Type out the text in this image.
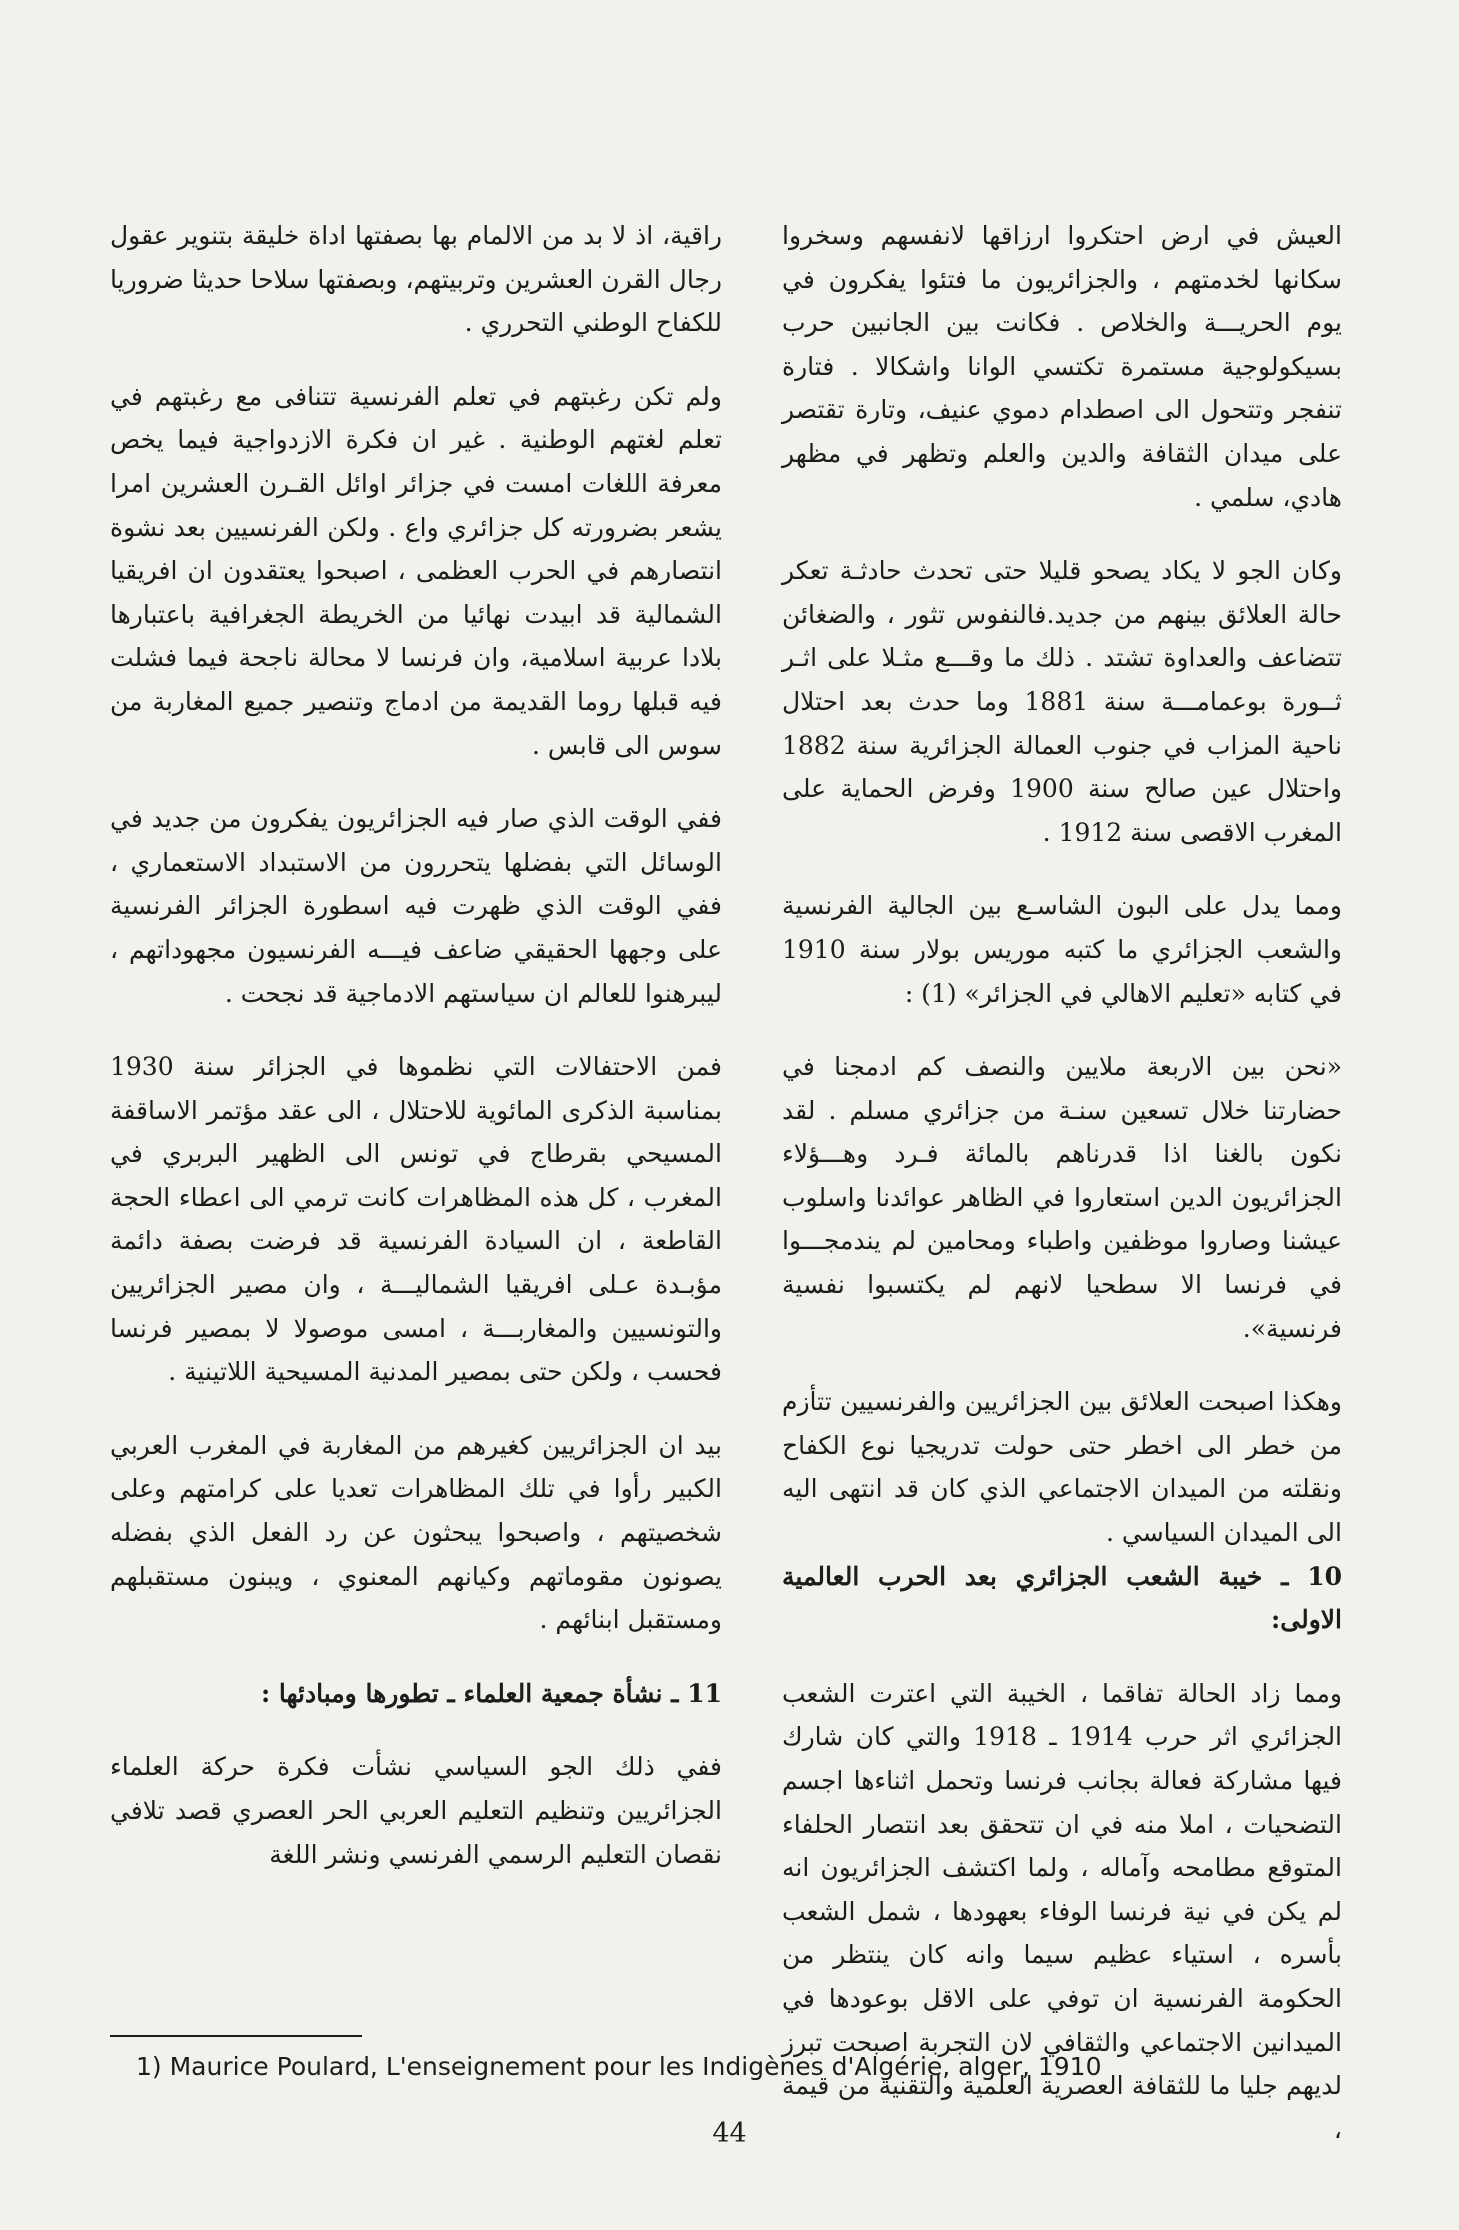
العيش في ارض احتكروا ارزاقها لانفسهم وسخروا سكانها لخدمتهم ، والجزائريون ما فتئوا يفكرون في يوم الحريـــة والخلاص . فكانت بين الجانبين حرب بسيكولوجية مستمرة تكتسي الوانا واشكالا . فتارة تنفجر وتتحول الى اصطدام دموي عنيف، وتارة تقتصر على ميدان الثقافة والدين والعلم وتظهر في مظهر هادي، سلمي .

وكان الجو لا يكاد يصحو قليلا حتى تحدث حادثـة تعكر حالة العلائق بينهم من جديد.فالنفوس تثور ، والضغائن تتضاعف والعداوة تشتد . ذلك ما وقـــع مثـلا على اثـر ثــورة بوعمامـــة سنة 1881 وما حدث بعد احتلال ناحية المزاب في جنوب العمالة الجزائرية سنة 1882 واحتلال عين صالح سنة 1900 وفرض الحماية على المغرب الاقصى سنة 1912 .

ومما يدل على البون الشاسـع بين الجالية الفرنسية والشعب الجزائري ما كتبه موريس بولار سنة 1910 في كتابه «تعليم الاهالي في الجزائر» (1) :

«نحن بين الاربعة ملايين والنصف كم ادمجنا في حضارتنا خلال تسعين سنـة من جزائري مسلم . لقد نكون بالغنا اذا قدرناهم بالمائة فـرد وهـــؤلاء الجزائريون الدين استعاروا في الظاهر عوائدنا واسلوب عيشنا وصاروا موظفين واطباء ومحامين لم يندمجـــوا في فرنسا الا سطحيا لانهم لم يكتسبوا نفسية فرنسية».

وهكذا اصبحت العلائق بين الجزائريين والفرنسيين تتأزم من خطر الى اخطر حتى حولت تدريجيا نوع الكفاح ونقلته من الميدان الاجتماعي الذي كان قد انتهى اليه الى الميدان السياسي .

10 ـ خيبة الشعب الجزائري بعد الحرب العالمية الاولى:

ومما زاد الحالة تفاقما ، الخيبة التي اعترت الشعب الجزائري اثر حرب 1914 ـ 1918 والتي كان شارك فيها مشاركة فعالة بجانب فرنسا وتحمل اثناءها اجسم التضحيات ، املا منه في ان تتحقق بعد انتصار الحلفاء المتوقع مطامحه وآماله ، ولما اكتشف الجزائريون انه لم يكن في نية فرنسا الوفاء بعهودها ، شمل الشعب بأسره ، استياء عظيم سيما وانه كان ينتظر من الحكومة الفرنسية ان توفي على الاقل بوعودها في الميدانين الاجتماعي والثقافي لان التجربة اصبحت تبرز لديهم جليا ما للثقافة العصرية العلمية والتقنية من قيمة ،

راقية، اذ لا بد من الالمام بها بصفتها اداة خليقة بتنوير عقول رجال القرن العشرين وتربيتهم، وبصفتها سلاحا حديثا ضروريا للكفاح الوطني التحرري .

ولم تكن رغبتهم في تعلم الفرنسية تتنافى مع رغبتهم في تعلم لغتهم الوطنية . غير ان فكرة الازدواجية فيما يخص معرفة اللغات امست في جزائر اوائل القـرن العشرين امرا يشعر بضرورته كل جزائري واع . ولكن الفرنسيين بعد نشوة انتصارهم في الحرب العظمى ، اصبحوا يعتقدون ان افريقيا الشمالية قد ابيدت نهائيا من الخريطة الجغرافية باعتبارها بلادا عربية اسلامية، وان فرنسا لا محالة ناجحة فيما فشلت فيه قبلها روما القديمة من ادماج وتنصير جميع المغاربة من سوس الى قابس .

ففي الوقت الذي صار فيه الجزائريون يفكرون من جديد في الوسائل التي بفضلها يتحررون من الاستبداد الاستعماري ، ففي الوقت الذي ظهرت فيه اسطورة الجزائر الفرنسية على وجهها الحقيقي ضاعف فيـــه الفرنسيون مجهوداتهم ، ليبرهنوا للعالم ان سياستهم الادماجية قد نجحت .

فمن الاحتفالات التي نظموها في الجزائر سنة 1930 بمناسبة الذكرى المائوية للاحتلال ، الى عقد مؤتمر الاساقفة المسيحي بقرطاج في تونس الى الظهير البربري في المغرب ، كل هذه المظاهرات كانت ترمي الى اعطاء الحجة القاطعة ، ان السيادة الفرنسية قد فرضت بصفة دائمة مؤبـدة عـلى افريقيا الشماليـــة ، وان مصير الجزائريين والتونسيين والمغاربـــة ، امسى موصولا لا بمصير فرنسا فحسب ، ولكن حتى بمصير المدنية المسيحية اللاتينية .

بيد ان الجزائريين كغيرهم من المغاربة في المغرب العربي الكبير رأوا في تلك المظاهرات تعديا على كرامتهم وعلى شخصيتهم ، واصبحوا يبحثون عن رد الفعل الذي بفضله يصونون مقوماتهم وكيانهم المعنوي ، ويبنون مستقبلهم ومستقبل ابنائهم .

11 ـ نشأة جمعية العلماء ـ تطورها ومبادئها :

ففي ذلك الجو السياسي نشأت فكرة حركة العلماء الجزائريين وتنظيم التعليم العربي الحر العصري قصد تلافي نقصان التعليم الرسمي الفرنسي ونشر اللغة

1) Maurice Poulard, L'enseignement pour les Indigènes d'Algérie, alger, 1910
44
